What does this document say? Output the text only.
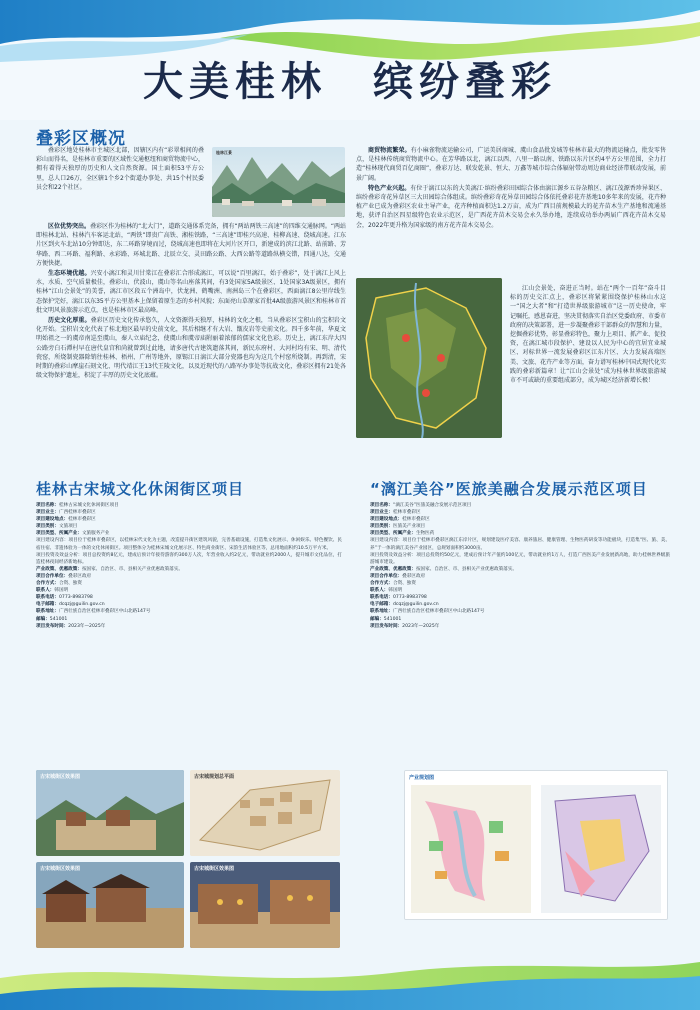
大美桂林　缤纷叠彩
叠彩区概况

叠彩区地处桂林市主城区北部，因辖区内有“彩翠相间的叠彩山而得名，是桂林市重要的区域性交通枢纽和商贸物流中心，拥有着得天独厚的历史和人文自然资源。国土面积53平方公里，总人口26万，全区辖1个乡2个街道办事处、共15个村民委员会和22个社区。

桂林江景

区位优势突出。叠彩区作为桂林的“北大门”，道路交通体系完备，拥有“两站两铁三高速”的四维交通脉网。“两站即桂林北站、桂林汽车客运北站，“两铁”即贵广高铁、湘桂铁路，“三高速”即桂兴高速、桂柳高速、绕城高速。江东片区到火车北站10分钟即达，东二环路穿境而过，绕城高速也即将在大河片区开口，新建成的滨江北路、站前路、芳华路、西二环路、福利路、永彩路、环城北路、北辰立交、灵田路公路、大西公路等道路纵横交错，四通八达，交通方便快捷。

生态环境优越。兴安小漓江和灵川甘棠江在叠彩汇合形成漓江，可以说“百里漓江，始于叠彩”，处于漓江上风上水，水质、空气质量极佳，叠彩山、伏波山，虞山等名山座落其间，有3处国家5A级景区、1处国家3A级景区，拥有桂林“江山会景处”的美誉，漓江市区段五个洲岛中，伏龙洲、鹤嘴洲、南洲岛三个在叠彩区，西面漓江8公里岸线生态保护完好，漓江以东35平方公里基本上保留着原生态的乡村风貌；东面亮山草原家首批4A级旅游风景区和桂林市首批文明风景旅游示范点，也是桂林市区最高峰。

历史文化厚重。叠彩区历史文化传承悠久，人文资源得天独厚，桂林的文化之根，当从叠彩区宝积山的宝积岩文化开始。宝积岩文化代表了桂北地区最早的史前文化，其后相继才有大岩、甑皮岩等史前文化。四千多年前，华夏文明始祖之一的虞帝南巡至虞山，秦人立庙纪念，使虞山和虞帝庙附丽着浓郁的儒家文化色彩。历史上，漓江东岸大四公路旁白石潭村早在唐代皇宫和尚就曾到过此地，请多唐代古建筑遗落其间，新民东府村、大河村均有宋、明、清代瓷窑，所烧制瓷器除销往桂林、梧州、广州等地外，原锡江日漓江大部分瓷器也均为这几个村窑所烧制。再到清，宋时期的叠彩山摩崖石刻文化、明代靖江王13代王陵文化，以及近现代的八路军办事处等抗战文化，叠彩区拥有21处各级文物保护遗址，积淀了丰厚的历史文化底蕴。

商贸物流繁荣。有小麻雀物流运输公司，广运美居商城、虞山食品批发城等桂林市最大的物流运输点，批发零售点，是桂林传统商贸物流中心。在芳华路以北，漓江以西、八里一路以南、铁路以东片区约4平方公里范围，全力打造“桂林现代商贸百亿商圈”，叠彩万达、联发乾景、恒大、万鑫等城市综合体辐射带动周边商业经济带联动发展，前景广阔。

特色产业兴起。有位于漓江以东的大美漓江·缤纷叠彩田园综合体由漓江源乡五谷杂粮区、漓江茂源香珍异果区、缤纷叠彩奇花异草区三大田园综合体组成。缤纷叠彩奇花异草田园综合体依托叠彩花卉基地10多年来的发展，花卉种植产业已成为叠彩区农业主导产业，花卉种植面积达1.2万亩，成为广西目前规模最大的花卉苗木生产基地和流通基地，获评自治区四星级特色农业示范区，是广西花卉苗木交易会永久举办地，连续成功举办两届广西花卉苗木交易会，2022年更升格为国家级的南方花卉苗木交易会。

江山会景处，奋进正当时。站在“两个一百年”奋斗目标的历史交汇点上，叠彩区将紧紧围绕保护桂林山水这一“国之大者”和“打造世界级旅游城市”这一历史使命，牢记嘱托，感恩奋进，坚决贯彻落实自治区党委政府、市委市政府的决策部署，进一步凝聚叠彩干部群众的智慧和力量，挖掘叠彩优势，彰显叠彩特色，聚力上项目、抓产业、促投资，在漓江城市段保护、建设以人民为中心的宜居宜业城区、对标世界一流发展叠彩区江东片区、大力发展高端医美、文旅、花卉产业等方面，奋力谱写桂林中国式现代化实践的叠彩新篇章！让“江山会景处”成为桂林世界级旅游城市不可或缺的重要组成部分，成为城区经济新增长极！

桂林古宋城文化休闲街区项目	“漓江美谷”医旅美融合发展示范区项目

项目名称：桂林古宋城文化休闲街区项目

项目业主：广西桂林市叠彩区

项目建设地点：桂林市叠彩区

项目类别：文旅项目

项目类型、所属产业：文旅服务产业

项目建设内容：项目位于桂林市叠彩区，以桂林宋代文化为主题，改造提升街区建筑风貌，完善基础设施，打造集文化展示、休闲娱乐、特色餐饮、民宿住宿、非遗体验为一体的文化休闲街区。项目整体分为桂林宋城文化展示区、特色商业街区、宋韵生活体验区等，总用地面积约10.5万平方米。

项目投资及效益分析：项目总投资约8亿元，建成后预计年接待游客约300万人次，年营业收入约2亿元，带动就业约2000人，提升城市文化品位，打造桂林夜间经济新地标。

产业政策、优惠政策：按国家、自治区、市、县相关产业优惠政策落实。

项目合作单位：叠彩区政府

合作方式：合资、独资

联系人：韩国明

联系电话：0773-8983798

电子邮箱：dcqzj@guilin.gov.cn

联系地址：广西壮族自治区桂林市叠彩区中山北路147号

邮编：541001

项目发布时间：2023年—2025年

项目名称：“漓江美谷”医旅美融合发展示范区项目

项目业主：桂林市叠彩区

项目建设地点：桂林市叠彩区

项目类别：医旅美产业项目

项目类型、所属产业：生物医药

项目建设内容：项目位于桂林市叠彩区漓江东岸片区，规划建设医疗美容、康养旅居、健康管理、生物医药研发等功能板块，打造集“医、旅、美、养”于一体的漓江美谷产业园区，总规划面积约3000亩。

项目投资及效益分析：项目总投资约50亿元，建成后预计年产值约100亿元，带动就业约1万人，打造广西医美产业发展新高地，助力桂林世界级旅游城市建设。

产业政策、优惠政策：按国家、自治区、市、县相关产业优惠政策落实。

项目合作单位：叠彩区政府

合作方式：合资、独资

联系人：韩国明

联系电话：0773-8983798

电子邮箱：dcqzj@guilin.gov.cn

联系地址：广西壮族自治区桂林市叠彩区中山北路147号

邮编：541001

项目发布时间：2023年—2025年

古宋城街区效果图	古宋城规划总平面
古宋城街区效果图	古宋城街区效果图
产业规划图
